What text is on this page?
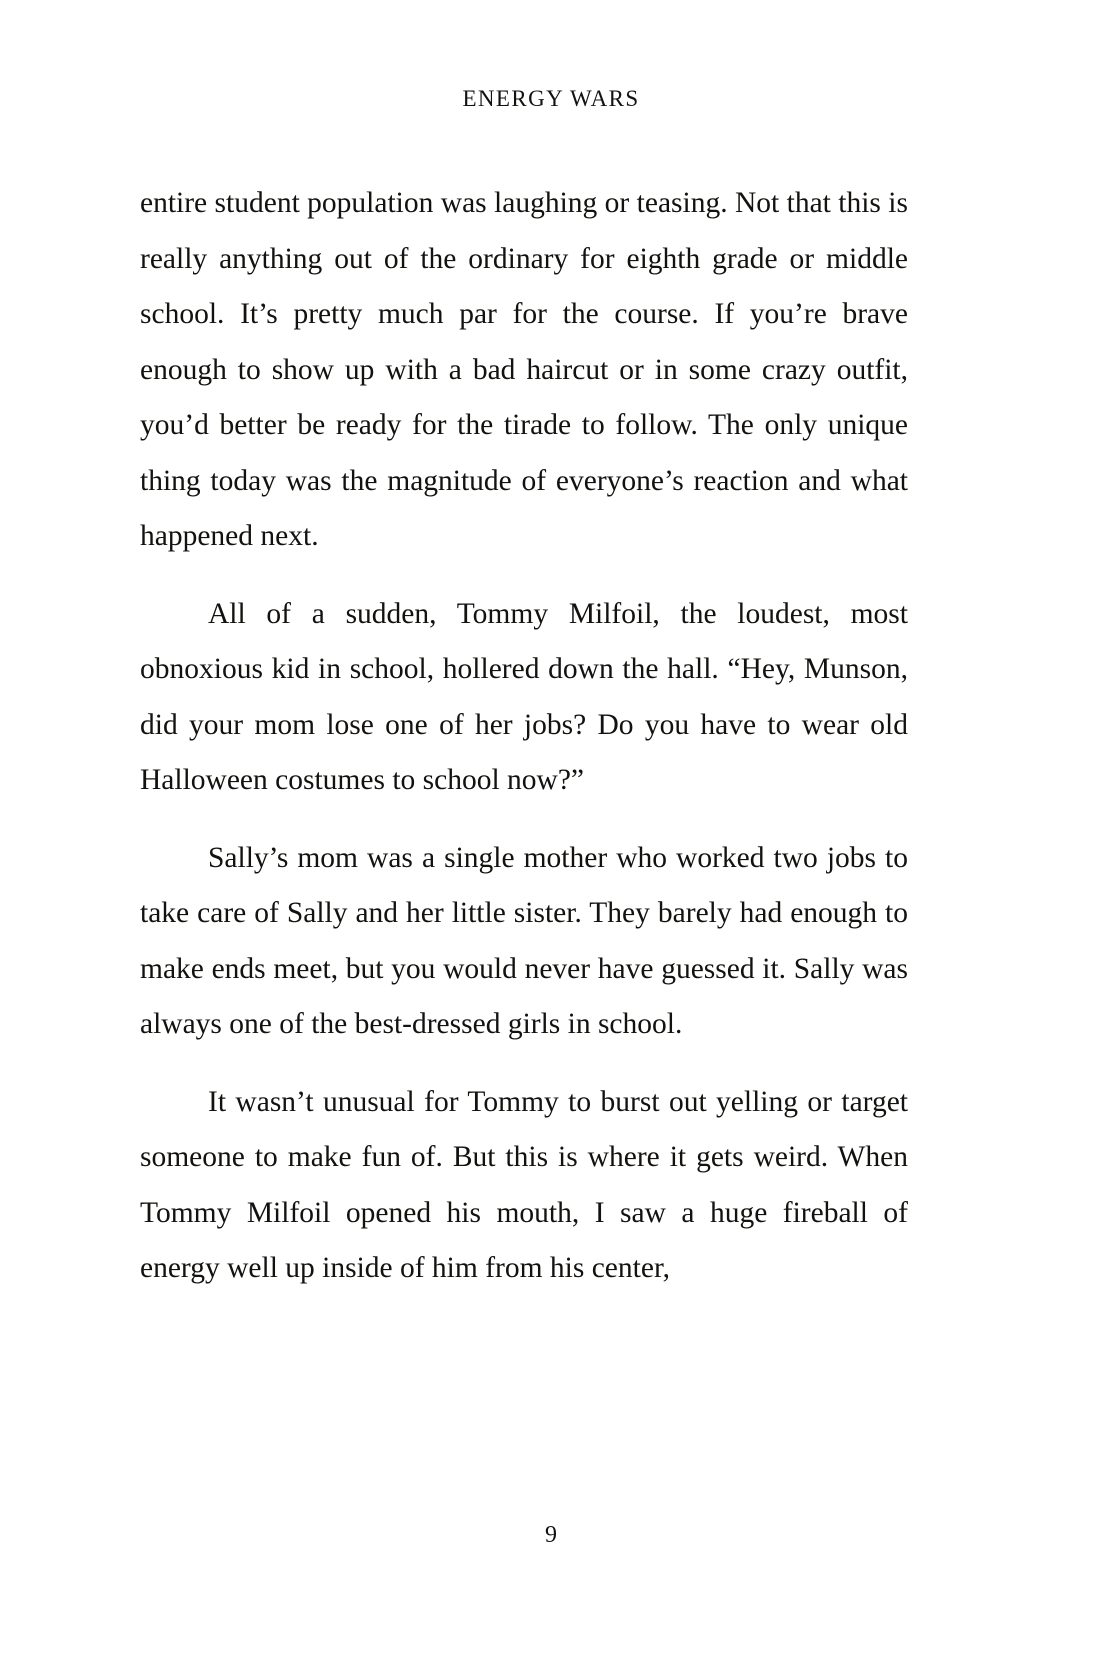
ENERGY WARS

entire student population was laughing or teasing. Not that this is really anything out of the ordinary for eighth grade or middle school. It’s pretty much par for the course. If you’re brave enough to show up with a bad haircut or in some crazy outfit, you’d better be ready for the tirade to follow. The only unique thing today was the magnitude of everyone’s reaction and what happened next.

All of a sudden, Tommy Milfoil, the loudest, most obnoxious kid in school, hollered down the hall. “Hey, Munson, did your mom lose one of her jobs? Do you have to wear old Halloween costumes to school now?”

Sally’s mom was a single mother who worked two jobs to take care of Sally and her little sister. They barely had enough to make ends meet, but you would never have guessed it. Sally was always one of the best-dressed girls in school.

It wasn’t unusual for Tommy to burst out yelling or target someone to make fun of. But this is where it gets weird. When Tommy Milfoil opened his mouth, I saw a huge fireball of energy well up inside of him from his center,

9
